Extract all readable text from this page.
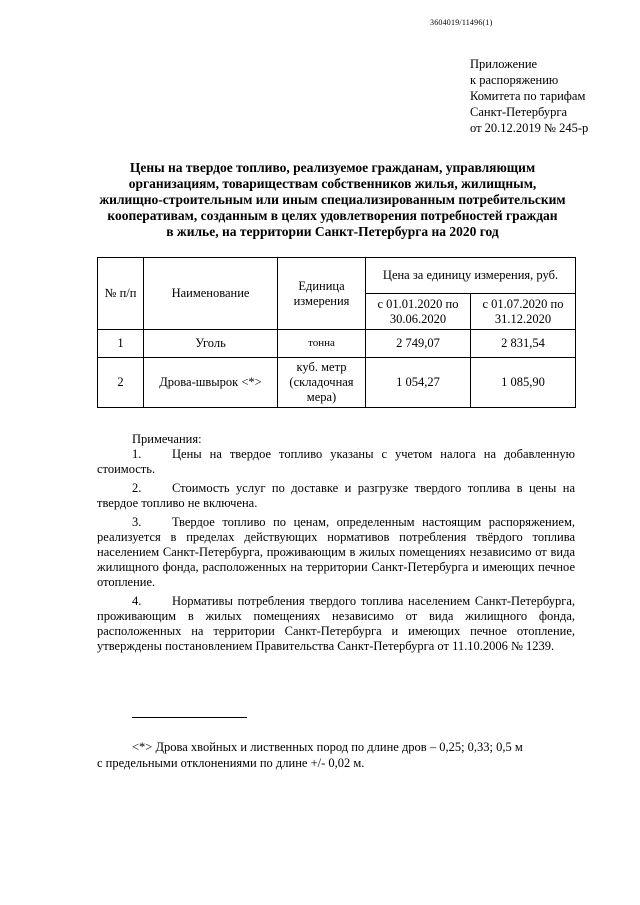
3604019/11496(1)
Приложение
к распоряжению
Комитета по тарифам
Санкт-Петербурга
от 20.12.2019 № 245-р
Цены на твердое топливо, реализуемое гражданам, управляющим
организациям, товариществам собственников жилья, жилищным,
жилищно-строительным или иным специализированным потребительским
кооперативам, созданным в целях удовлетворения потребностей граждан
в жилье, на территории Санкт-Петербурга на 2020 год
№ п/п	Наименование	Единица измерения	Цена за единицу измерения, руб.	
			с 01.01.2020 по 30.06.2020	с 01.07.2020 по 31.12.2020
1	Уголь	тонна	2 749,07	2 831,54
2	Дрова-швырок <*>	куб. метр (складочная мера)	1 054,27	1 085,90
Примечания:

1. Цены на твердое топливо указаны с учетом налога на добавленную стоимость.

2. Стоимость услуг по доставке и разгрузке твердого топлива в цены на твердое топливо не включена.

3. Твердое топливо по ценам, определенным настоящим распоряжением, реализуется в пределах действующих нормативов потребления твёрдого топлива населением Санкт-Петербурга, проживающим в жилых помещениях независимо от вида жилищного фонда, расположенных на территории Санкт-Петербурга и имеющих печное отопление.

4. Нормативы потребления твердого топлива населением Санкт-Петербурга, проживающим в жилых помещениях независимо от вида жилищного фонда, расположенных на территории Санкт-Петербурга и имеющих печное отопление, утверждены постановлением Правительства Санкт-Петербурга от 11.10.2006 № 1239.

<*> Дрова хвойных и лиственных пород по длине дров – 0,25; 0,33; 0,5 м
с предельными отклонениями по длине +/- 0,02 м.
